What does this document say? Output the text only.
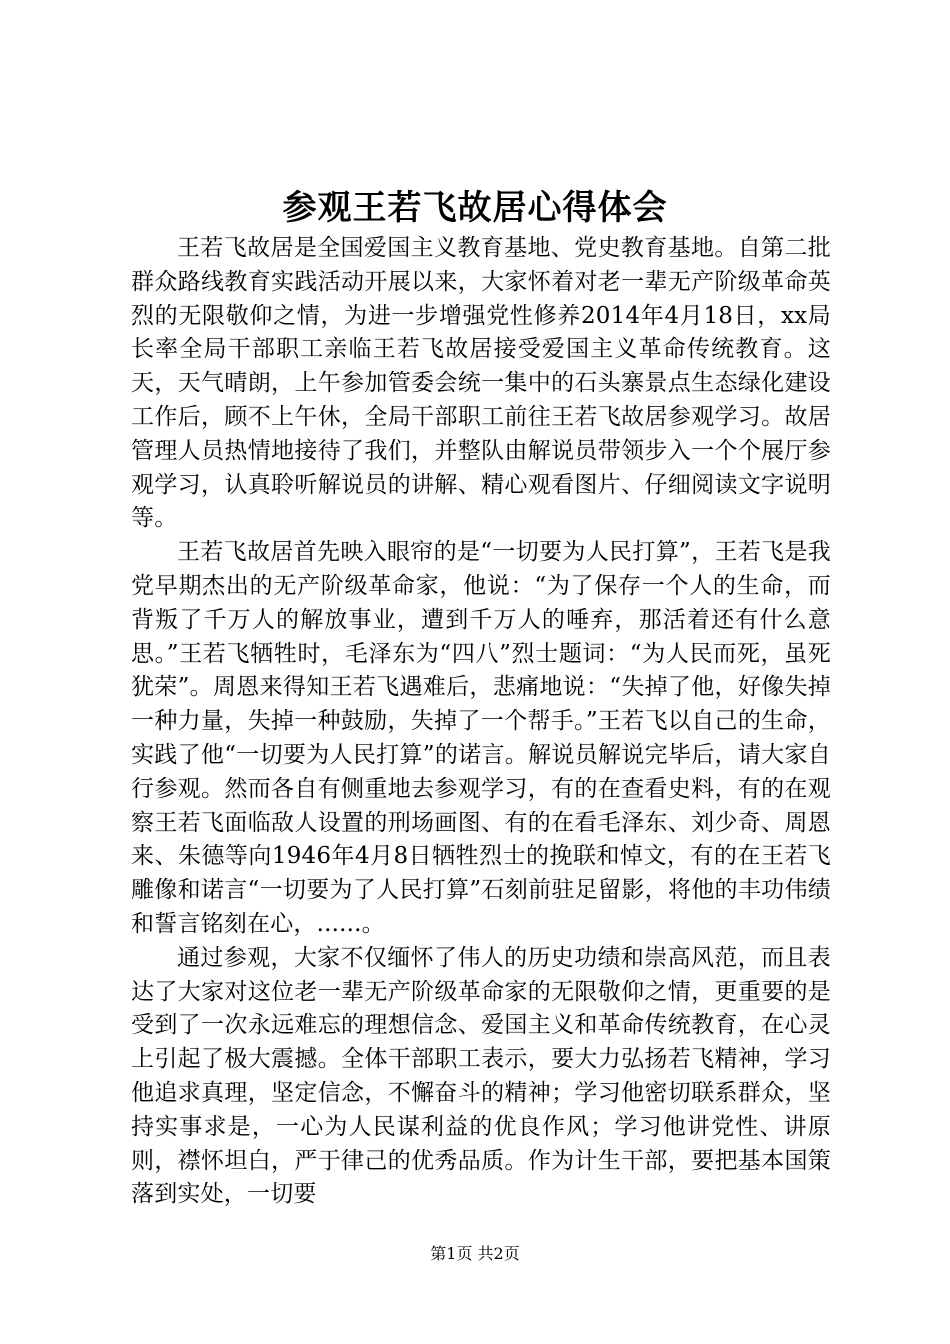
参观王若飞故居心得体会

王若飞故居是全国爱国主义教育基地、党史教育基地。自第二批群众路线教育实践活动开展以来，大家怀着对老一辈无产阶级革命英烈的无限敬仰之情，为进一步增强党性修养2014年4月18日，xx局长率全局干部职工亲临王若飞故居接受爱国主义革命传统教育。这天，天气晴朗，上午参加管委会统一集中的石头寨景点生态绿化建设工作后，顾不上午休，全局干部职工前往王若飞故居参观学习。故居管理人员热情地接待了我们，并整队由解说员带领步入一个个展厅参观学习，认真聆听解说员的讲解、精心观看图片、仔细阅读文字说明等。

王若飞故居首先映入眼帘的是“一切要为人民打算”，王若飞是我党早期杰出的无产阶级革命家，他说：“为了保存一个人的生命，而背叛了千万人的解放事业，遭到千万人的唾弃，那活着还有什么意思。”王若飞牺牲时，毛泽东为“四八”烈士题词：“为人民而死，虽死犹荣”。周恩来得知王若飞遇难后，悲痛地说：“失掉了他，好像失掉一种力量，失掉一种鼓励，失掉了一个帮手。”王若飞以自己的生命，实践了他“一切要为人民打算”的诺言。解说员解说完毕后，请大家自行参观。然而各自有侧重地去参观学习，有的在查看史料，有的在观察王若飞面临敌人设置的刑场画图、有的在看毛泽东、刘少奇、周恩来、朱德等向1946年4月8日牺牲烈士的挽联和悼文，有的在王若飞雕像和诺言“一切要为了人民打算”石刻前驻足留影，将他的丰功伟绩和誓言铭刻在心，......。

通过参观，大家不仅缅怀了伟人的历史功绩和崇高风范，而且表达了大家对这位老一辈无产阶级革命家的无限敬仰之情，更重要的是受到了一次永远难忘的理想信念、爱国主义和革命传统教育，在心灵上引起了极大震撼。全体干部职工表示，要大力弘扬若飞精神，学习他追求真理，坚定信念，不懈奋斗的精神；学习他密切联系群众，坚持实事求是，一心为人民谋利益的优良作风；学习他讲党性、讲原则，襟怀坦白，严于律己的优秀品质。作为计生干部，要把基本国策落到实处，一切要

第1页 共2页
